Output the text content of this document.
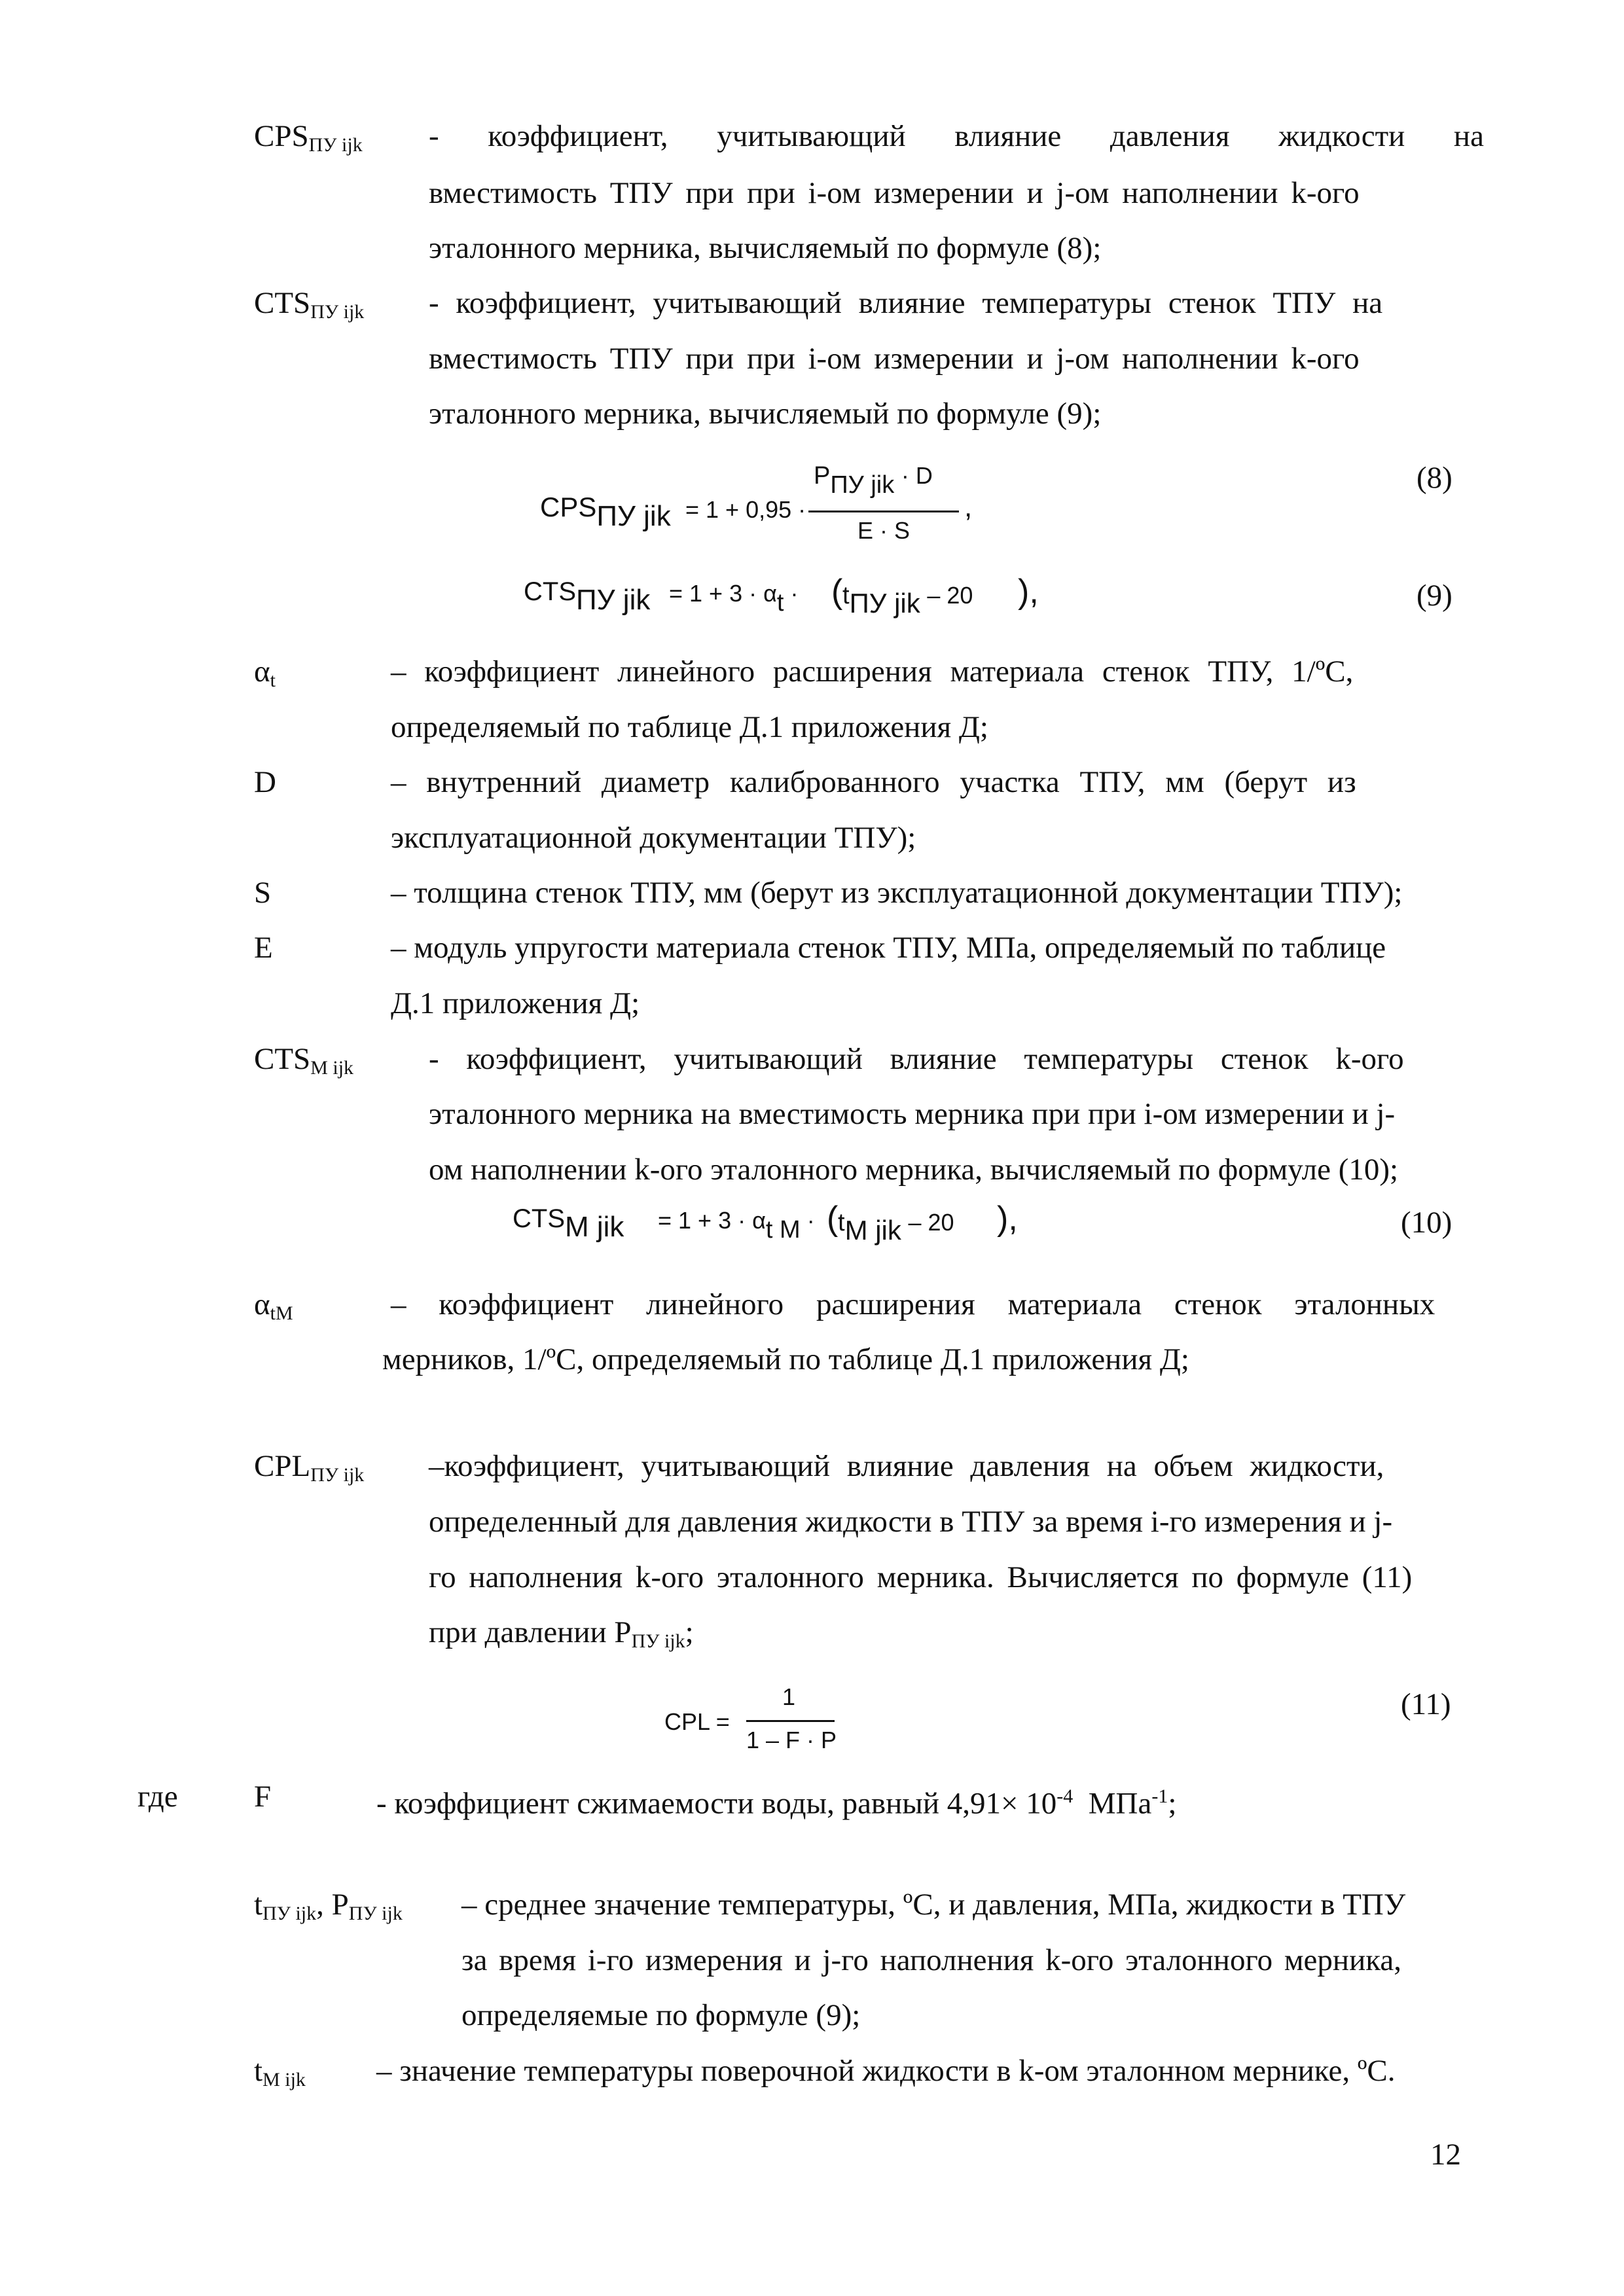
$CPS_{ПУ ijk}$ - коэффициент, учитывающий влияние давления жидкости на
вместимость ТПУ при при i-ом измерении и j-ом наполнении k-ого
эталонного мерника, вычисляемый по формуле (8);
$CTS_{ПУ ijk}$ - коэффициент, учитывающий влияние температуры стенок ТПУ на
вместимость ТПУ при при i-ом измерении и j-ом наполнении k-ого
эталонного мерника, вычисляемый по формуле (9);
CPSПУ jik = 1 + 0,95 ·
PПУ jik · D
E · S
,
(8)
CTSПУ jik = 1 + 3 · αt · ( tПУ jik – 20 ),	(9)
$\alpha_t$	– коэффициент линейного расширения материала стенок ТПУ, 1/ºС,
определяемый по таблице Д.1 приложения Д;
D	– внутренний диаметр калиброванного участка ТПУ, мм (берут из
эксплуатационной документации ТПУ);
S	– толщина стенок ТПУ, мм (берут из эксплуатационной документации ТПУ);
E	– модуль упругости материала стенок ТПУ, МПа, определяемый по таблице
Д.1 приложения Д;
$CTS_{М ijk}$ - коэффициент, учитывающий влияние температуры стенок k-ого
эталонного мерника на вместимость мерника при при i-ом измерении и j-
ом наполнении k-ого эталонного мерника, вычисляемый по формуле (10);
CTSM jik = 1 + 3 · αt M · ( tM jik – 20 ),	(10)
$\alpha_{tM}$	– коэффициент линейного расширения материала стенок эталонных
мерников, 1/ºС, определяемый по таблице Д.1 приложения Д;
$CPL_{ПУ ijk}$ –коэффициент, учитывающий влияние давления на объем жидкости,
определенный для давления жидкости в ТПУ за время i-го измерения и j-
го наполнения k-ого эталонного мерника. Вычисляется по формуле (11)
при давлении $Р_{ПУ ijk}$;
CPL =
1
1 – F · P
(11)
где F	- коэффициент сжимаемости воды, равный $4,91\times 10^{-4}$  МПа$^{-1}$;
$t_{ПУ ijk}$, $Р_{ПУ ijk}$ – среднее значение температуры, ºС, и давления, МПа, жидкости в ТПУ
за время i-го измерения и j-го наполнения k-ого эталонного мерника,
определяемые по формуле (9);
$t_{М ijk}$ – значение температуры поверочной жидкости в k-ом эталонном мернике, ºС.
12
